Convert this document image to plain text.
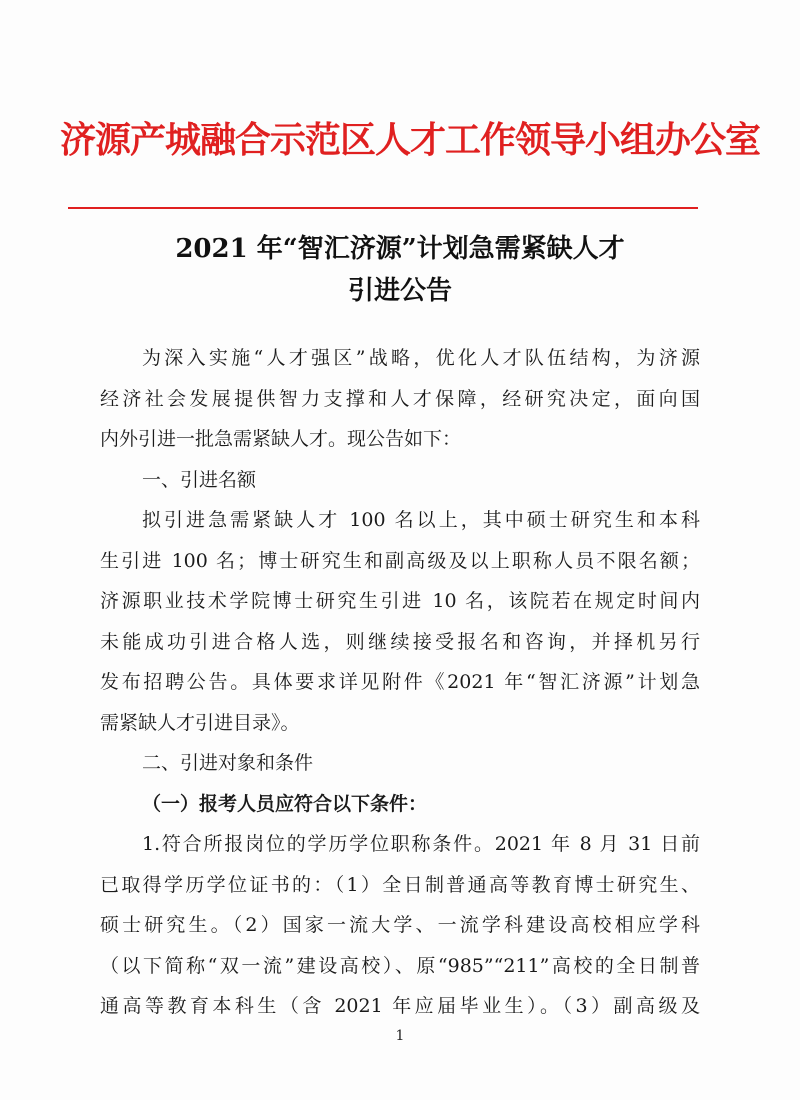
济源产城融合示范区人才工作领导小组办公室
2021 年“智汇济源”计划急需紧缺人才
引进公告
为深入实施“人才强区”战略，优化人才队伍结构，为济源
经济社会发展提供智力支撑和人才保障，经研究决定，面向国
内外引进一批急需紧缺人才。现公告如下：
一、引进名额
拟引进急需紧缺人才 100 名以上，其中硕士研究生和本科
生引进 100 名；博士研究生和副高级及以上职称人员不限名额；
济源职业技术学院博士研究生引进 10 名，该院若在规定时间内
未能成功引进合格人选，则继续接受报名和咨询，并择机另行
发布招聘公告。具体要求详见附件《2021 年“智汇济源”计划急
需紧缺人才引进目录》。
二、引进对象和条件
（一）报考人员应符合以下条件：
1.符合所报岗位的学历学位职称条件。2021 年 8 月 31 日前
已取得学历学位证书的：（1）全日制普通高等教育博士研究生、
硕士研究生。（2）国家一流大学、一流学科建设高校相应学科
（以下简称“双一流”建设高校）、原“985”“211”高校的全日制普
通高等教育本科生（含 2021 年应届毕业生）。（3）副高级及
1
